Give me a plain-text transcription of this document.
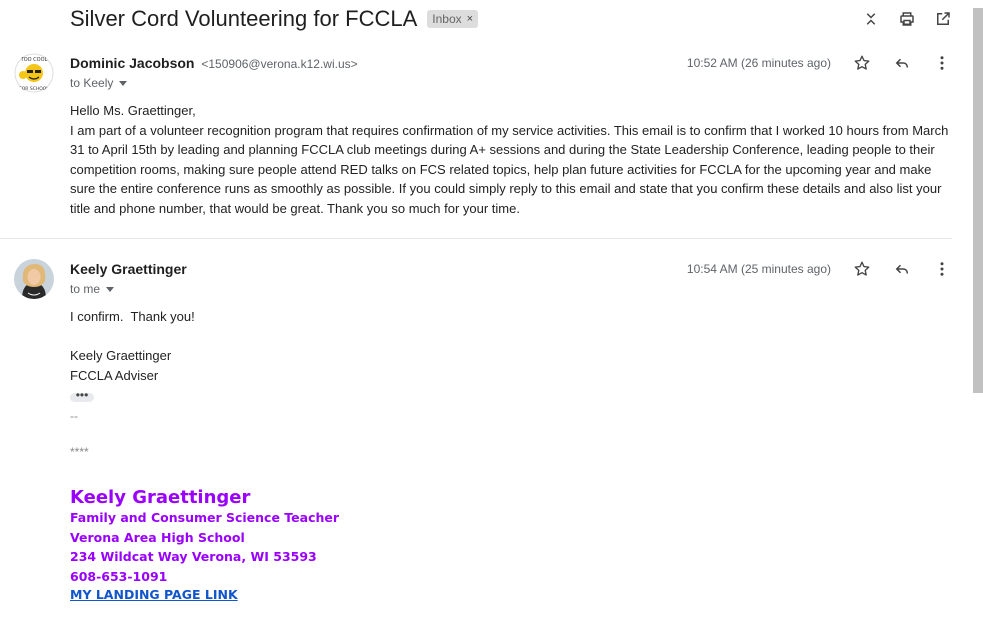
Silver Cord Volunteering for FCCLA Inbox ×
TOO COOL
FOR SCHOOL
Dominic Jacobson <150906@verona.k12.wi.us>
to Keely
10:52 AM (26 minutes ago)
Hello Ms. Graettinger,
I am part of a volunteer recognition program that requires confirmation of my service activities. This email is to confirm that I worked 10 hours from March 31 to April 15th by leading and planning FCCLA club meetings during A+ sessions and during the State Leadership Conference, leading people to their competition rooms, making sure people attend RED talks on FCS related topics, help plan future activities for FCCLA for the upcoming year and make sure the entire conference runs as smoothly as possible. If you could simply reply to this email and state that you confirm these details and also list your title and phone number, that would be great. Thank you so much for your time.
Keely Graettinger
to me
10:54 AM (25 minutes ago)
I confirm.  Thank you!
Keely Graettinger
FCCLA Adviser
•••
--
****
Keely Graettinger
Family and Consumer Science Teacher
Verona Area High School
234 Wildcat Way Verona, WI 53593
608-653-1091
MY LANDING PAGE LINK
